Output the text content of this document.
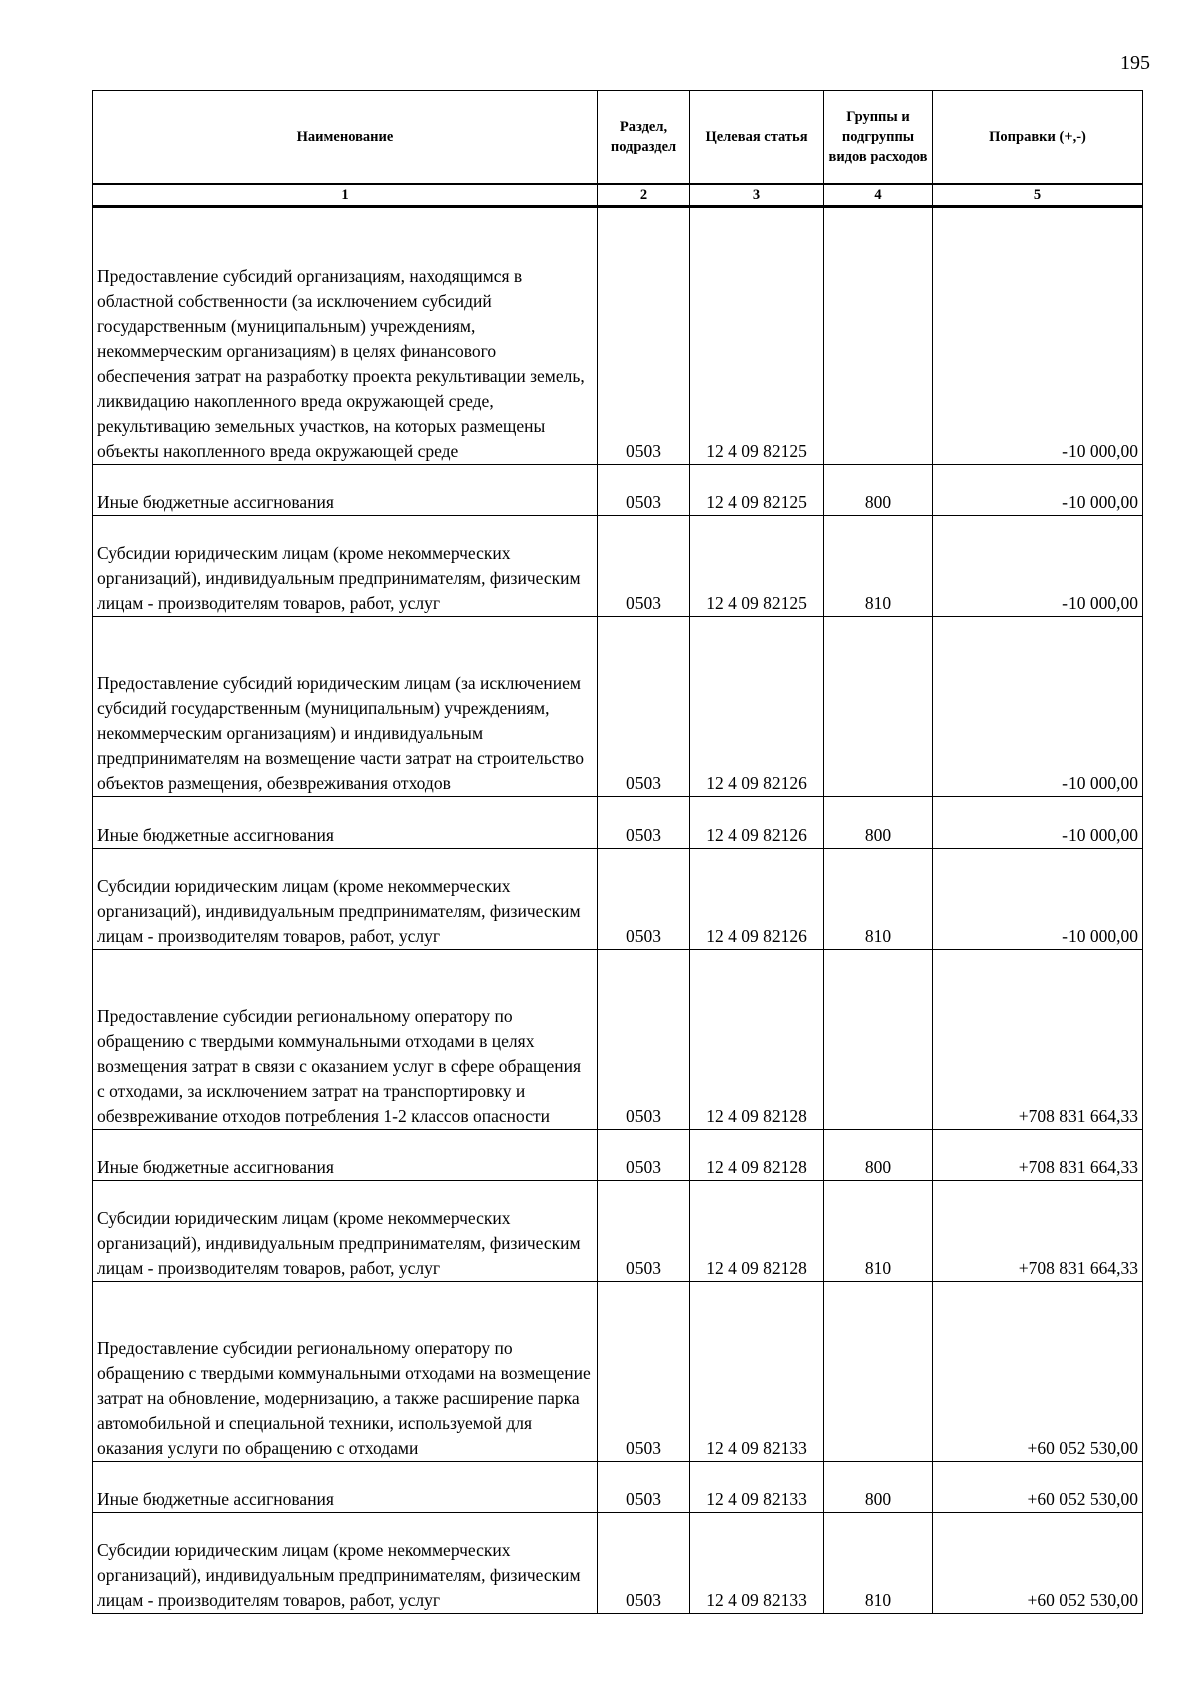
195
Наименование	Раздел, подраздел	Целевая статья	Группы и подгруппы видов расходов	Поправки (+,-)
1	2	3	4	5
Предоставление субсидий организациям, находящимся в областной собственности (за исключением субсидий государственным (муниципальным) учреждениям, некоммерческим организациям) в целях финансового обеспечения затрат на разработку проекта рекультивации земель, ликвидацию накопленного вреда окружающей среде, рекультивацию земельных участков, на которых размещены объекты накопленного вреда окружающей среде	0503	12 4 09 82125		-10 000,00
Иные бюджетные ассигнования	0503	12 4 09 82125	800	-10 000,00
Субсидии юридическим лицам (кроме некоммерческих организаций), индивидуальным предпринимателям, физическим лицам - производителям товаров, работ, услуг	0503	12 4 09 82125	810	-10 000,00
Предоставление субсидий юридическим лицам (за исключением субсидий государственным (муниципальным) учреждениям, некоммерческим организациям) и индивидуальным предпринимателям на возмещение части затрат на строительство объектов размещения, обезвреживания отходов	0503	12 4 09 82126		-10 000,00
Иные бюджетные ассигнования	0503	12 4 09 82126	800	-10 000,00
Субсидии юридическим лицам (кроме некоммерческих организаций), индивидуальным предпринимателям, физическим лицам - производителям товаров, работ, услуг	0503	12 4 09 82126	810	-10 000,00
Предоставление субсидии региональному оператору по обращению с твердыми коммунальными отходами в целях возмещения затрат в связи с оказанием услуг в сфере обращения с отходами, за исключением затрат на транспортировку и обезвреживание отходов потребления 1-2 классов опасности	0503	12 4 09 82128		+708 831 664,33
Иные бюджетные ассигнования	0503	12 4 09 82128	800	+708 831 664,33
Субсидии юридическим лицам (кроме некоммерческих организаций), индивидуальным предпринимателям, физическим лицам - производителям товаров, работ, услуг	0503	12 4 09 82128	810	+708 831 664,33
Предоставление субсидии региональному оператору по обращению с твердыми коммунальными отходами на возмещение затрат на обновление, модернизацию, а также расширение парка автомобильной и специальной техники, используемой для оказания услуги по обращению с отходами	0503	12 4 09 82133		+60 052 530,00
Иные бюджетные ассигнования	0503	12 4 09 82133	800	+60 052 530,00
Субсидии юридическим лицам (кроме некоммерческих организаций), индивидуальным предпринимателям, физическим лицам - производителям товаров, работ, услуг	0503	12 4 09 82133	810	+60 052 530,00
